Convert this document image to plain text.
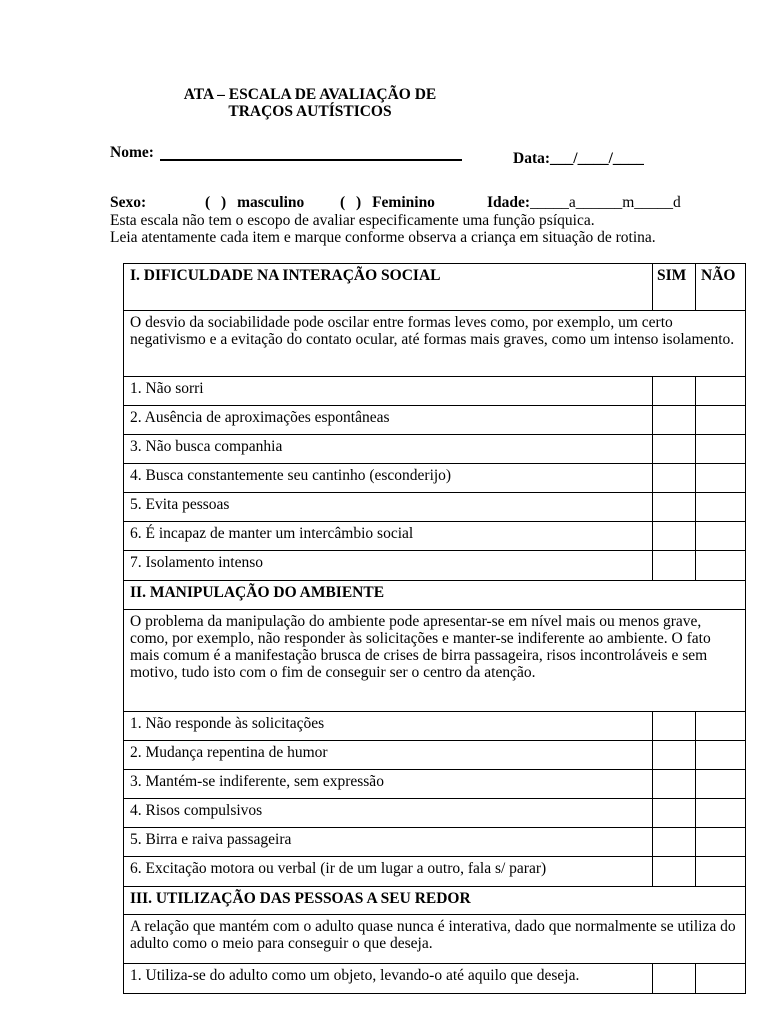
ATA – ESCALA DE AVALIAÇÃO DE
TRAÇOS AUTÍSTICOS
Nome:	Data:___/____/____
Sexo:	( ) masculino ( ) Feminino	Idade:_____a______m_____d
Esta escala não tem o escopo de avaliar especificamente uma função psíquica.
Leia atentamente cada item e marque conforme observa a criança em situação de rotina.
I. DIFICULDADE NA INTERAÇÃO SOCIAL	SIM NÃO
O desvio da sociabilidade pode oscilar entre formas leves como, por exemplo, um certo
negativismo e a evitação do contato ocular, até formas mais graves, como um intenso isolamento.
1. Não sorri
2. Ausência de aproximações espontâneas
3. Não busca companhia
4. Busca constantemente seu cantinho (esconderijo)
5. Evita pessoas
6. É incapaz de manter um intercâmbio social
7. Isolamento intenso
II. MANIPULAÇÃO DO AMBIENTE
O problema da manipulação do ambiente pode apresentar-se em nível mais ou menos grave,
como, por exemplo, não responder às solicitações e manter-se indiferente ao ambiente. O fato
mais comum é a manifestação brusca de crises de birra passageira, risos incontroláveis e sem
motivo, tudo isto com o fim de conseguir ser o centro da atenção.
1. Não responde às solicitações
2. Mudança repentina de humor
3. Mantém-se indiferente, sem expressão
4. Risos compulsivos
5. Birra e raiva passageira
6. Excitação motora ou verbal (ir de um lugar a outro, fala s/ parar)
III. UTILIZAÇÃO DAS PESSOAS A SEU REDOR
A relação que mantém com o adulto quase nunca é interativa, dado que normalmente se utiliza do
adulto como o meio para conseguir o que deseja.
1. Utiliza-se do adulto como um objeto, levando-o até aquilo que deseja.
